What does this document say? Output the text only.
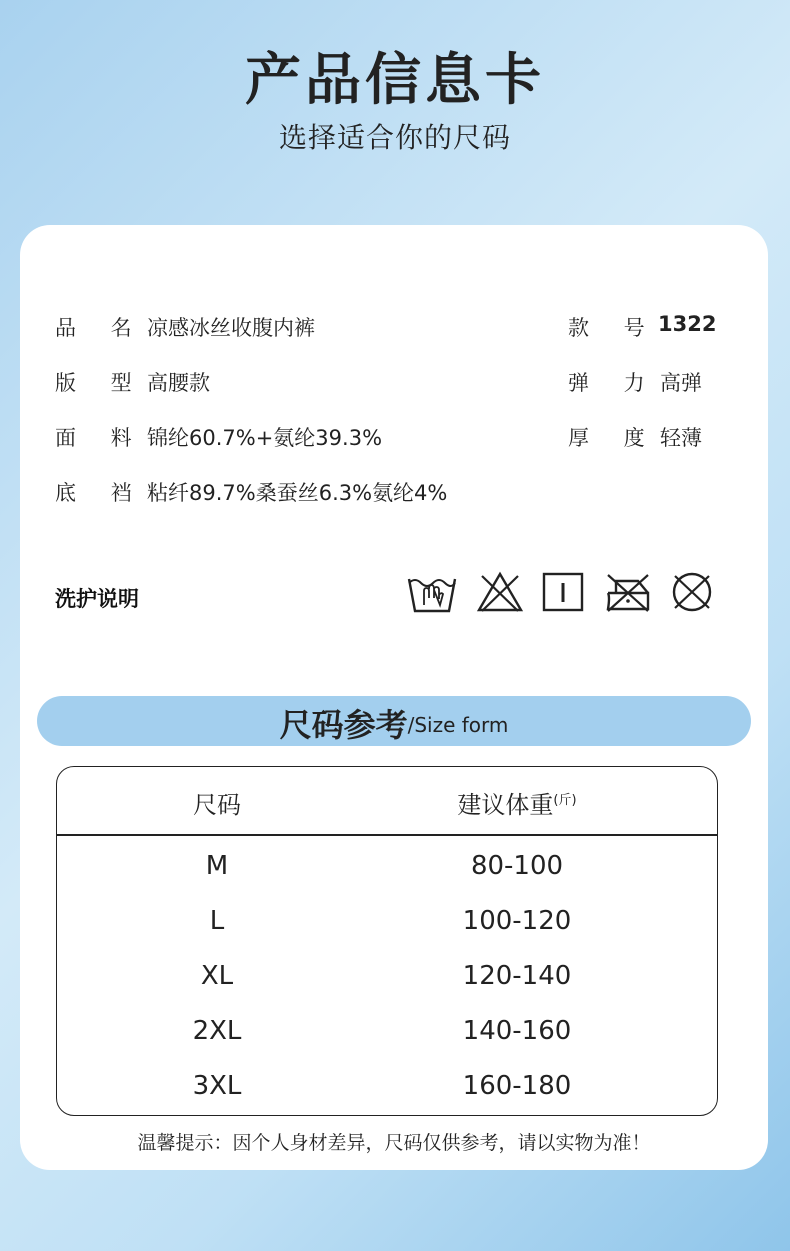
产品信息卡
选择适合你的尺码
品 名 凉感冰丝收腹内裤	款 号 1322
版 型 高腰款	弹 力 高弹
面 料 锦纶60.7%+氨纶39.3%	厚 度 轻薄
底 裆 粘纤89.7%桑蚕丝6.3%氨纶4%
洗护说明
尺码参考/Size form
尺码	建议体重$^{(斤)}$
M	80-100
L	100-120
XL	120-140
2XL	140-160
3XL	160-180
温馨提示：因个人身材差异，尺码仅供参考，请以实物为准！
